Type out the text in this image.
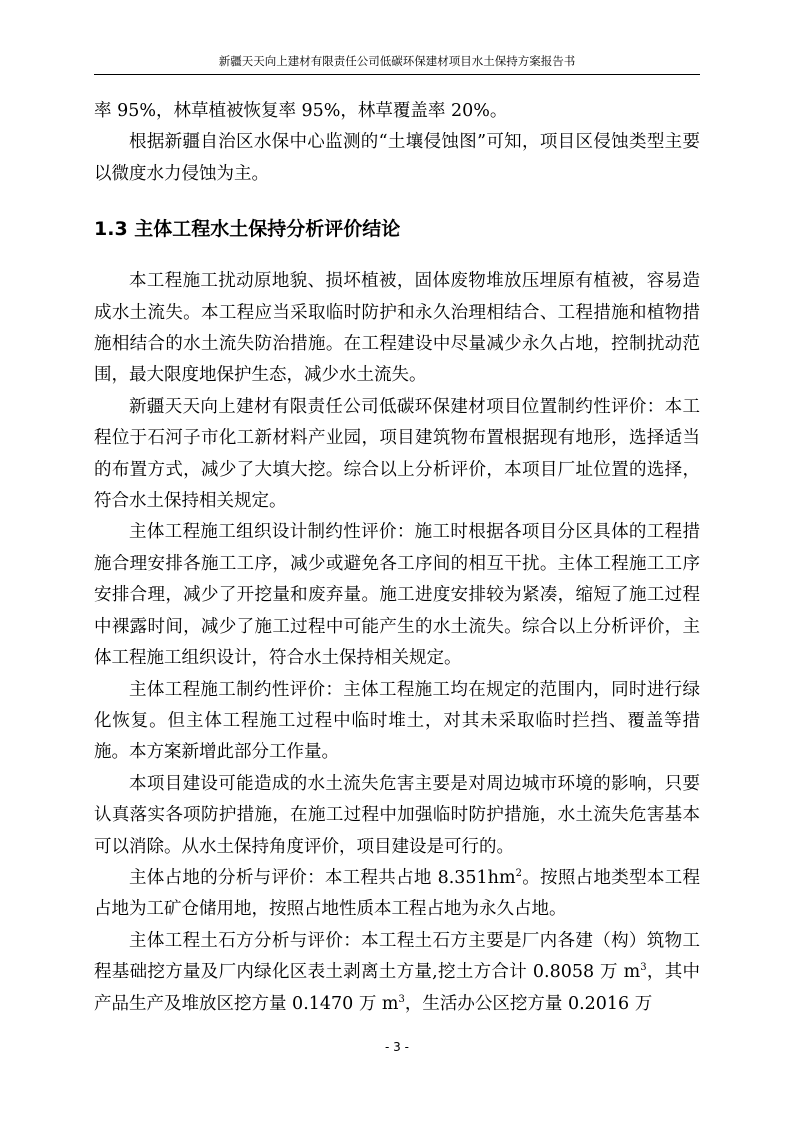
新疆天天向上建材有限责任公司低碳环保建材项目水土保持方案报告书

率 95%，林草植被恢复率 95%，林草覆盖率 20%。

根据新疆自治区水保中心监测的“土壤侵蚀图”可知，项目区侵蚀类型主要以微度水力侵蚀为主。

1.3 主体工程水土保持分析评价结论

本工程施工扰动原地貌、损坏植被，固体废物堆放压埋原有植被，容易造成水土流失。本工程应当采取临时防护和永久治理相结合、工程措施和植物措施相结合的水土流失防治措施。在工程建设中尽量减少永久占地，控制扰动范围，最大限度地保护生态，减少水土流失。

新疆天天向上建材有限责任公司低碳环保建材项目位置制约性评价：本工程位于石河子市化工新材料产业园，项目建筑物布置根据现有地形，选择适当的布置方式，减少了大填大挖。综合以上分析评价，本项目厂址位置的选择，符合水土保持相关规定。

主体工程施工组织设计制约性评价：施工时根据各项目分区具体的工程措施合理安排各施工工序，减少或避免各工序间的相互干扰。主体工程施工工序安排合理，减少了开挖量和废弃量。施工进度安排较为紧凑，缩短了施工过程中裸露时间，减少了施工过程中可能产生的水土流失。综合以上分析评价，主体工程施工组织设计，符合水土保持相关规定。

主体工程施工制约性评价：主体工程施工均在规定的范围内，同时进行绿化恢复。但主体工程施工过程中临时堆土，对其未采取临时拦挡、覆盖等措施。本方案新增此部分工作量。

本项目建设可能造成的水土流失危害主要是对周边城市环境的影响，只要认真落实各项防护措施，在施工过程中加强临时防护措施，水土流失危害基本可以消除。从水土保持角度评价，项目建设是可行的。

主体占地的分析与评价：本工程共占地 $8.351hm^2$。按照占地类型本工程占地为工矿仓储用地，按照占地性质本工程占地为永久占地。

主体工程土石方分析与评价：本工程土石方主要是厂内各建（构）筑物工程基础挖方量及厂内绿化区表土剥离土方量,挖土方合计 0.8058 万 $m^3$，其中产品生产及堆放区挖方量 0.1470 万 $m^3$，生活办公区挖方量 0.2016 万

- 3 -
